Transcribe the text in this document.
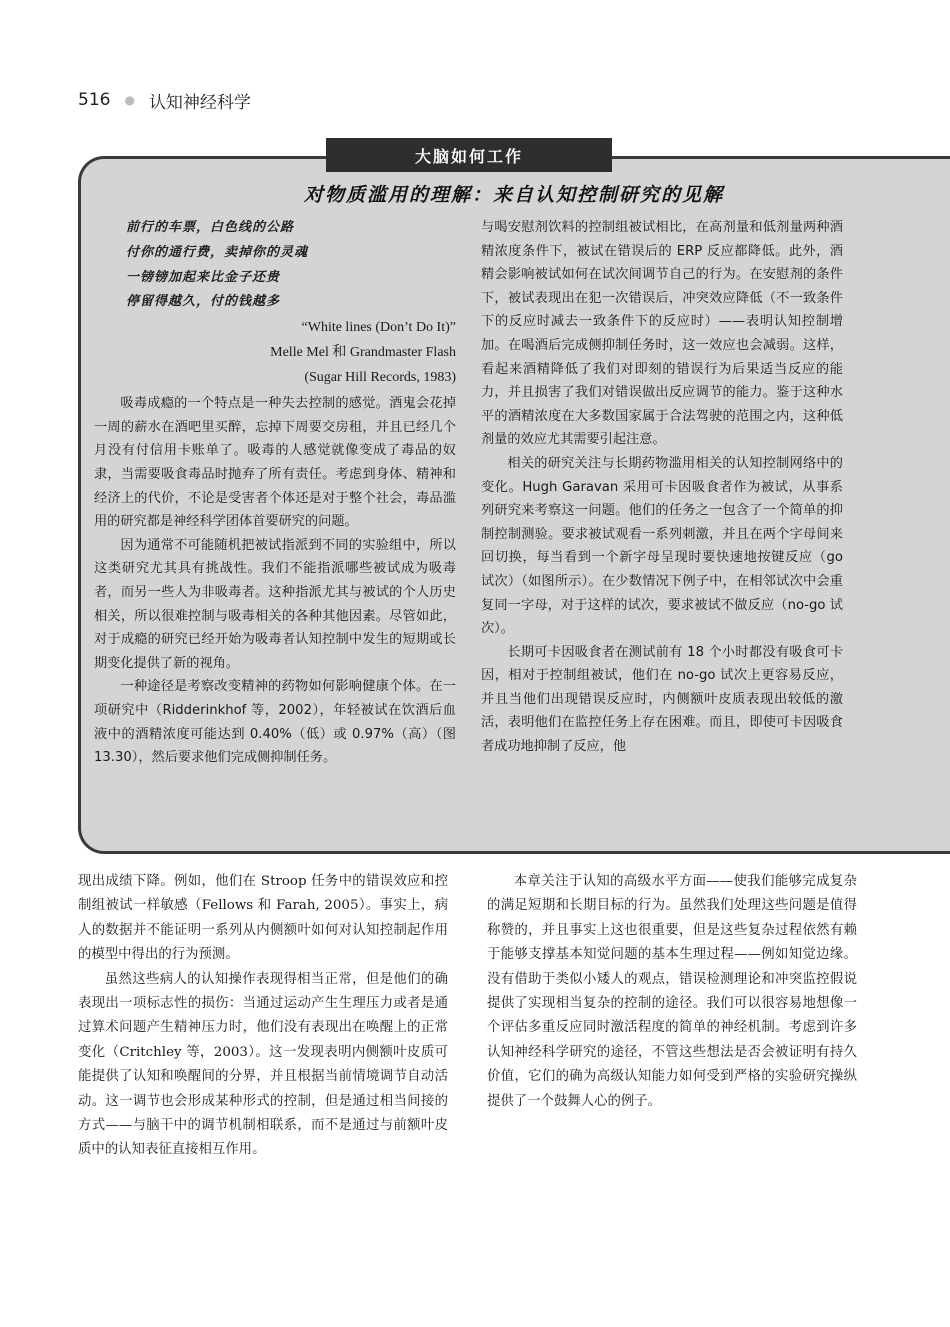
516 ● 认知神经科学
大脑如何工作
对物质滥用的理解：来自认知控制研究的见解
前行的车票，白色线的公路
付你的通行费，卖掉你的灵魂
一镑镑加起来比金子还贵
停留得越久，付的钱越多
“White lines (Don’t Do It)”
Melle Mel 和 Grandmaster Flash
(Sugar Hill Records, 1983)

吸毒成瘾的一个特点是一种失去控制的感觉。酒鬼会花掉一周的薪水在酒吧里买醉，忘掉下周要交房租，并且已经几个月没有付信用卡账单了。吸毒的人感觉就像变成了毒品的奴隶，当需要吸食毒品时抛弃了所有责任。考虑到身体、精神和经济上的代价，不论是受害者个体还是对于整个社会，毒品滥用的研究都是神经科学团体首要研究的问题。

因为通常不可能随机把被试指派到不同的实验组中，所以这类研究尤其具有挑战性。我们不能指派哪些被试成为吸毒者，而另一些人为非吸毒者。这种指派尤其与被试的个人历史相关，所以很难控制与吸毒相关的各种其他因素。尽管如此，对于成瘾的研究已经开始为吸毒者认知控制中发生的短期或长期变化提供了新的视角。

一种途径是考察改变精神的药物如何影响健康个体。在一项研究中（Ridderinkhof 等，2002），年轻被试在饮酒后血液中的酒精浓度可能达到 0.40%（低）或 0.97%（高）（图 13.30），然后要求他们完成侧抑制任务。

与喝安慰剂饮料的控制组被试相比，在高剂量和低剂量两种酒精浓度条件下，被试在错误后的 ERP 反应都降低。此外，酒精会影响被试如何在试次间调节自己的行为。在安慰剂的条件下，被试表现出在犯一次错误后，冲突效应降低（不一致条件下的反应时减去一致条件下的反应时）——表明认知控制增加。在喝酒后完成侧抑制任务时，这一效应也会减弱。这样，看起来酒精降低了我们对即刻的错误行为后果适当反应的能力，并且损害了我们对错误做出反应调节的能力。鉴于这种水平的酒精浓度在大多数国家属于合法驾驶的范围之内，这种低剂量的效应尤其需要引起注意。

相关的研究关注与长期药物滥用相关的认知控制网络中的变化。Hugh Garavan 采用可卡因吸食者作为被试，从事系列研究来考察这一问题。他们的任务之一包含了一个简单的抑制控制测验。要求被试观看一系列刺激，并且在两个字母间来回切换，每当看到一个新字母呈现时要快速地按键反应（go 试次）（如图所示）。在少数情况下例子中，在相邻试次中会重复同一字母，对于这样的试次，要求被试不做反应（no-go 试次）。

长期可卡因吸食者在测试前有 18 个小时都没有吸食可卡因，相对于控制组被试，他们在 no-go 试次上更容易反应，并且当他们出现错误反应时，内侧额叶皮质表现出较低的激活，表明他们在监控任务上存在困难。而且，即使可卡因吸食者成功地抑制了反应，他

现出成绩下降。例如，他们在 Stroop 任务中的错误效应和控制组被试一样敏感（Fellows 和 Farah, 2005）。事实上，病人的数据并不能证明一系列从内侧额叶如何对认知控制起作用的模型中得出的行为预测。

虽然这些病人的认知操作表现得相当正常，但是他们的确表现出一项标志性的损伤：当通过运动产生生理压力或者是通过算术问题产生精神压力时，他们没有表现出在唤醒上的正常变化（Critchley 等，2003）。这一发现表明内侧额叶皮质可能提供了认知和唤醒间的分界，并且根据当前情境调节自动活动。这一调节也会形成某种形式的控制，但是通过相当间接的方式——与脑干中的调节机制相联系，而不是通过与前额叶皮质中的认知表征直接相互作用。

本章关注于认知的高级水平方面——使我们能够完成复杂的满足短期和长期目标的行为。虽然我们处理这些问题是值得称赞的，并且事实上这也很重要，但是这些复杂过程依然有赖于能够支撑基本知觉问题的基本生理过程——例如知觉边缘。没有借助于类似小矮人的观点，错误检测理论和冲突监控假说提供了实现相当复杂的控制的途径。我们可以很容易地想像一个评估多重反应同时激活程度的简单的神经机制。考虑到许多认知神经科学研究的途径，不管这些想法是否会被证明有持久价值，它们的确为高级认知能力如何受到严格的实验研究操纵提供了一个鼓舞人心的例子。
